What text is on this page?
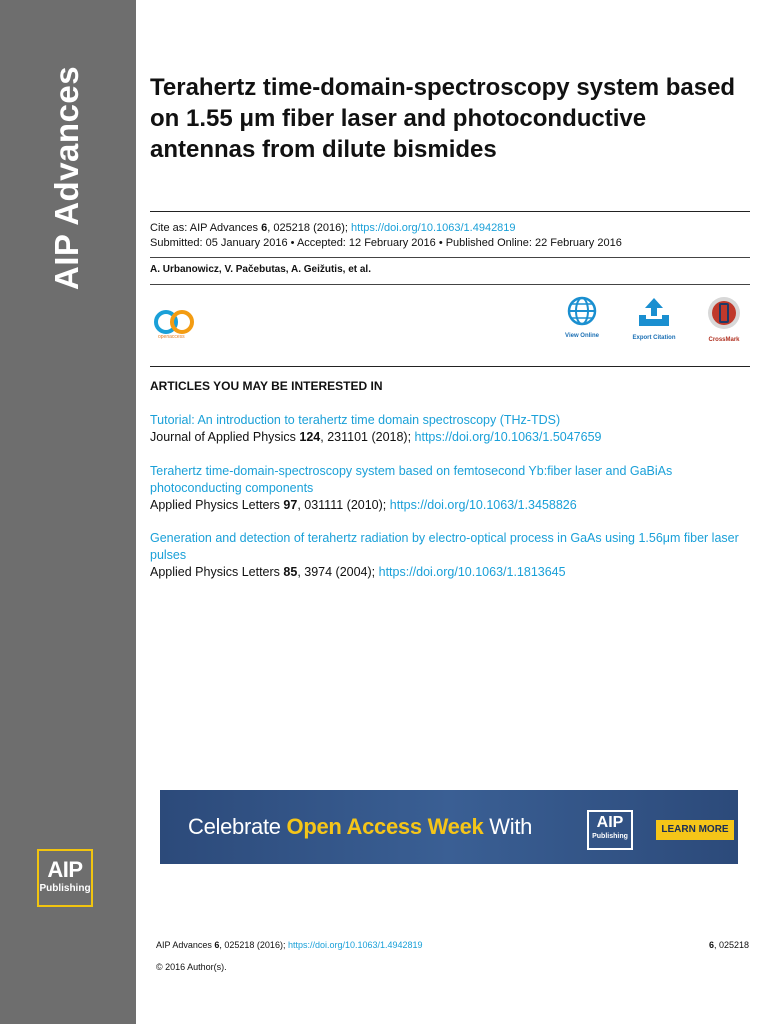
AIP Advances
AIP
Publishing
Terahertz time-domain-spectroscopy system based on 1.55 μm fiber laser and photoconductive antennas from dilute bismides
Cite as: AIP Advances 6, 025218 (2016); https://doi.org/10.1063/1.4942819
Submitted: 05 January 2016 • Accepted: 12 February 2016 • Published Online: 22 February 2016
A. Urbanowicz, V. Pačebutas, A. Geižutis, et al.
openaccess	View Online	Export Citation	CrossMark
ARTICLES YOU MAY BE INTERESTED IN
Tutorial: An introduction to terahertz time domain spectroscopy (THz-TDS)
Journal of Applied Physics 124, 231101 (2018); https://doi.org/10.1063/1.5047659
Terahertz time-domain-spectroscopy system based on femtosecond Yb:fiber laser and GaBiAs photoconducting components
Applied Physics Letters 97, 031111 (2010); https://doi.org/10.1063/1.3458826
Generation and detection of terahertz radiation by electro-optical process in GaAs using 1.56μm fiber laser pulses
Applied Physics Letters 85, 3974 (2004); https://doi.org/10.1063/1.1813645
Celebrate Open Access Week With	AIP
Publishing
LEARN MORE
AIP Advances 6, 025218 (2016); https://doi.org/10.1063/1.4942819	6, 025218
© 2016 Author(s).
